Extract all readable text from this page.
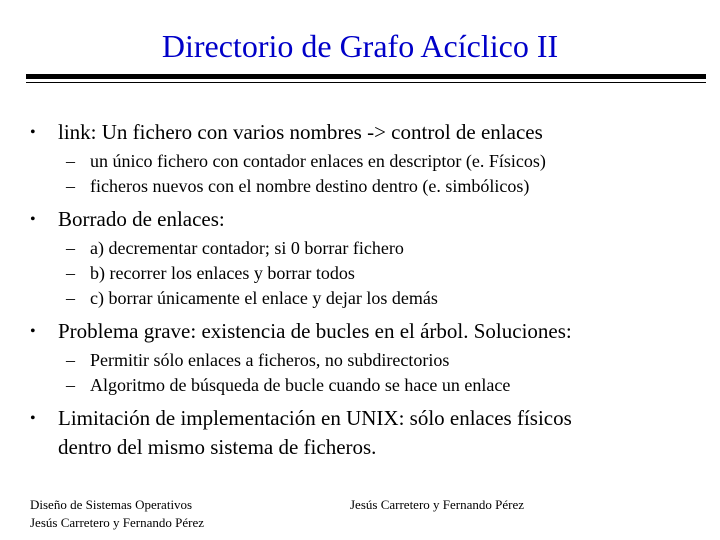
Directorio de Grafo Acíclico II
• link: Un fichero con varios nombres -> control de enlaces
– un único fichero con contador enlaces en descriptor (e. Físicos)
– ficheros nuevos con el nombre destino dentro (e. simbólicos)
• Borrado de enlaces:
– a) decrementar contador; si 0 borrar fichero
– b) recorrer los enlaces y borrar todos
– c) borrar únicamente el enlace y dejar los demás
• Problema grave: existencia de bucles en el árbol. Soluciones:
– Permitir sólo enlaces a ficheros, no subdirectorios
– Algoritmo de búsqueda de bucle cuando se hace un enlace
• Limitación de implementación en UNIX: sólo enlaces físicos
dentro del mismo sistema de ficheros.
Diseño de Sistemas Operativos
Jesús Carretero y Fernando Pérez
Jesús Carretero y Fernando Pérez
